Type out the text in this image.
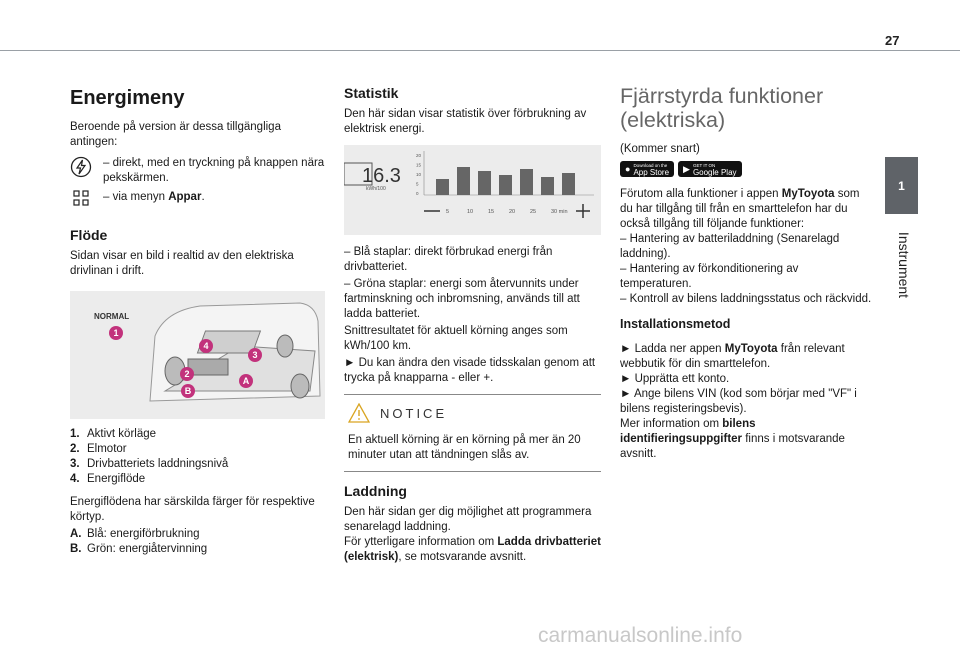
27
1
Instrument
Energimeny

Beroende på version är dessa tillgängliga antingen:

– direkt, med en tryckning på knappen nära pekskärmen.
– via menyn Appar.
Flöde

Sidan visar en bild i realtid av den elektriska drivlinan i drift.

NORMAL
1
2
3
4
A
B
1. Aktivt körläge
2. Elmotor
3. Drivbatteriets laddningsnivå
4. Energiflöde

Energiflödena har särskilda färger för respektive körtyp.

A. Blå: energiförbrukning
B. Grön: energiåtervinning
Statistik

Den här sidan visar statistik över förbrukning av elektrisk energi.

16.3
kWh/100
20
15
10
5
0
5	10	15	20	25	30 min

– Blå staplar: direkt förbrukad energi från drivbatteriet.

– Gröna staplar: energi som återvunnits under fartminskning och inbromsning, används till att ladda batteriet.

Snittresultatet för aktuell körning anges som kWh/100 km.

► Du kan ändra den visade tidsskalan genom att trycka på knapparna - eller +.

NOTICE
En aktuell körning är en körning på mer än 20 minuter utan att tändningen slås av.
Laddning

Den här sidan ger dig möjlighet att programmera senarelagd laddning.

För ytterligare information om Ladda drivbatteriet (elektrisk), se motsvarande avsnitt.

Fjärrstyrda funktioner (elektriska)

(Kommer snart)

● Download on the
App Store ▶ GET IT ON
Google Play

Förutom alla funktioner i appen MyToyota som du har tillgång till från en smarttelefon har du också tillgång till följande funktioner:

– Hantering av batteriladdning (Senarelagd laddning).

– Hantering av förkonditionering av temperaturen.

– Kontroll av bilens laddningsstatus och räckvidd.

Installationsmetod

► Ladda ner appen MyToyota från relevant webbutik för din smarttelefon.

► Upprätta ett konto.

► Ange bilens VIN (kod som börjar med "VF" i bilens registeringsbevis).

Mer information om bilens identifieringsuppgifter finns i motsvarande avsnitt.

carmanualsonline.info
